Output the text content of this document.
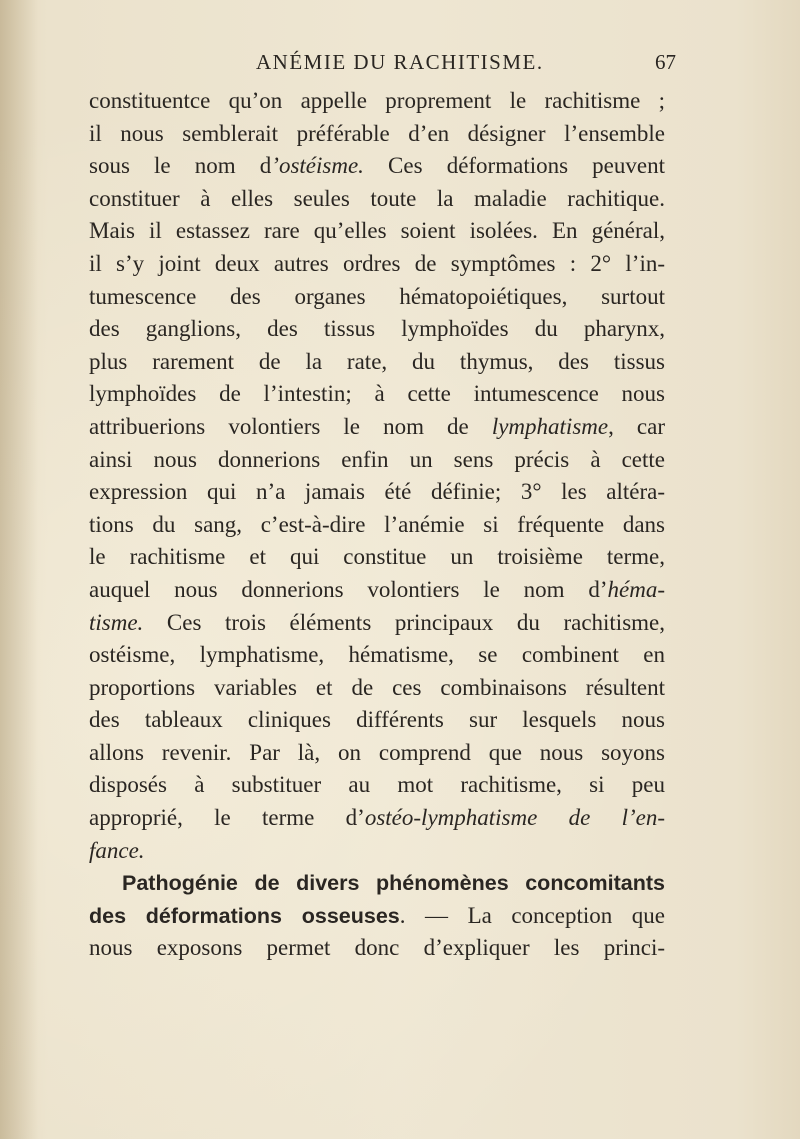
ANÉMIE DU RACHITISME.	67
constituentce qu’on appelle proprement le rachitisme ;
il nous semblerait préférable d’en désigner l’ensemble
sous le nom d’ostéisme. Ces déformations peuvent
constituer à elles seules toute la maladie rachitique.
Mais il estassez rare qu’elles soient isolées. En général,
il s’y joint deux autres ordres de symptômes : 2° l’in-
tumescence des organes hématopoiétiques, surtout
des ganglions, des tissus lymphoïdes du pharynx,
plus rarement de la rate, du thymus, des tissus
lymphoïdes de l’intestin; à cette intumescence nous
attribuerions volontiers le nom de lymphatisme, car
ainsi nous donnerions enfin un sens précis à cette
expression qui n’a jamais été définie; 3° les altéra-
tions du sang, c’est-à-dire l’anémie si fréquente dans
le rachitisme et qui constitue un troisième terme,
auquel nous donnerions volontiers le nom d’héma-
tisme. Ces trois éléments principaux du rachitisme,
ostéisme, lymphatisme, hématisme, se combinent en
proportions variables et de ces combinaisons résultent
des tableaux cliniques différents sur lesquels nous
allons revenir. Par là, on comprend que nous soyons
disposés à substituer au mot rachitisme, si peu
approprié, le terme d’ostéo-lymphatisme de l’en-
fance.
Pathogénie de divers phénomènes concomitants
des déformations osseuses. — La conception que
nous exposons permet donc d’expliquer les princi-
